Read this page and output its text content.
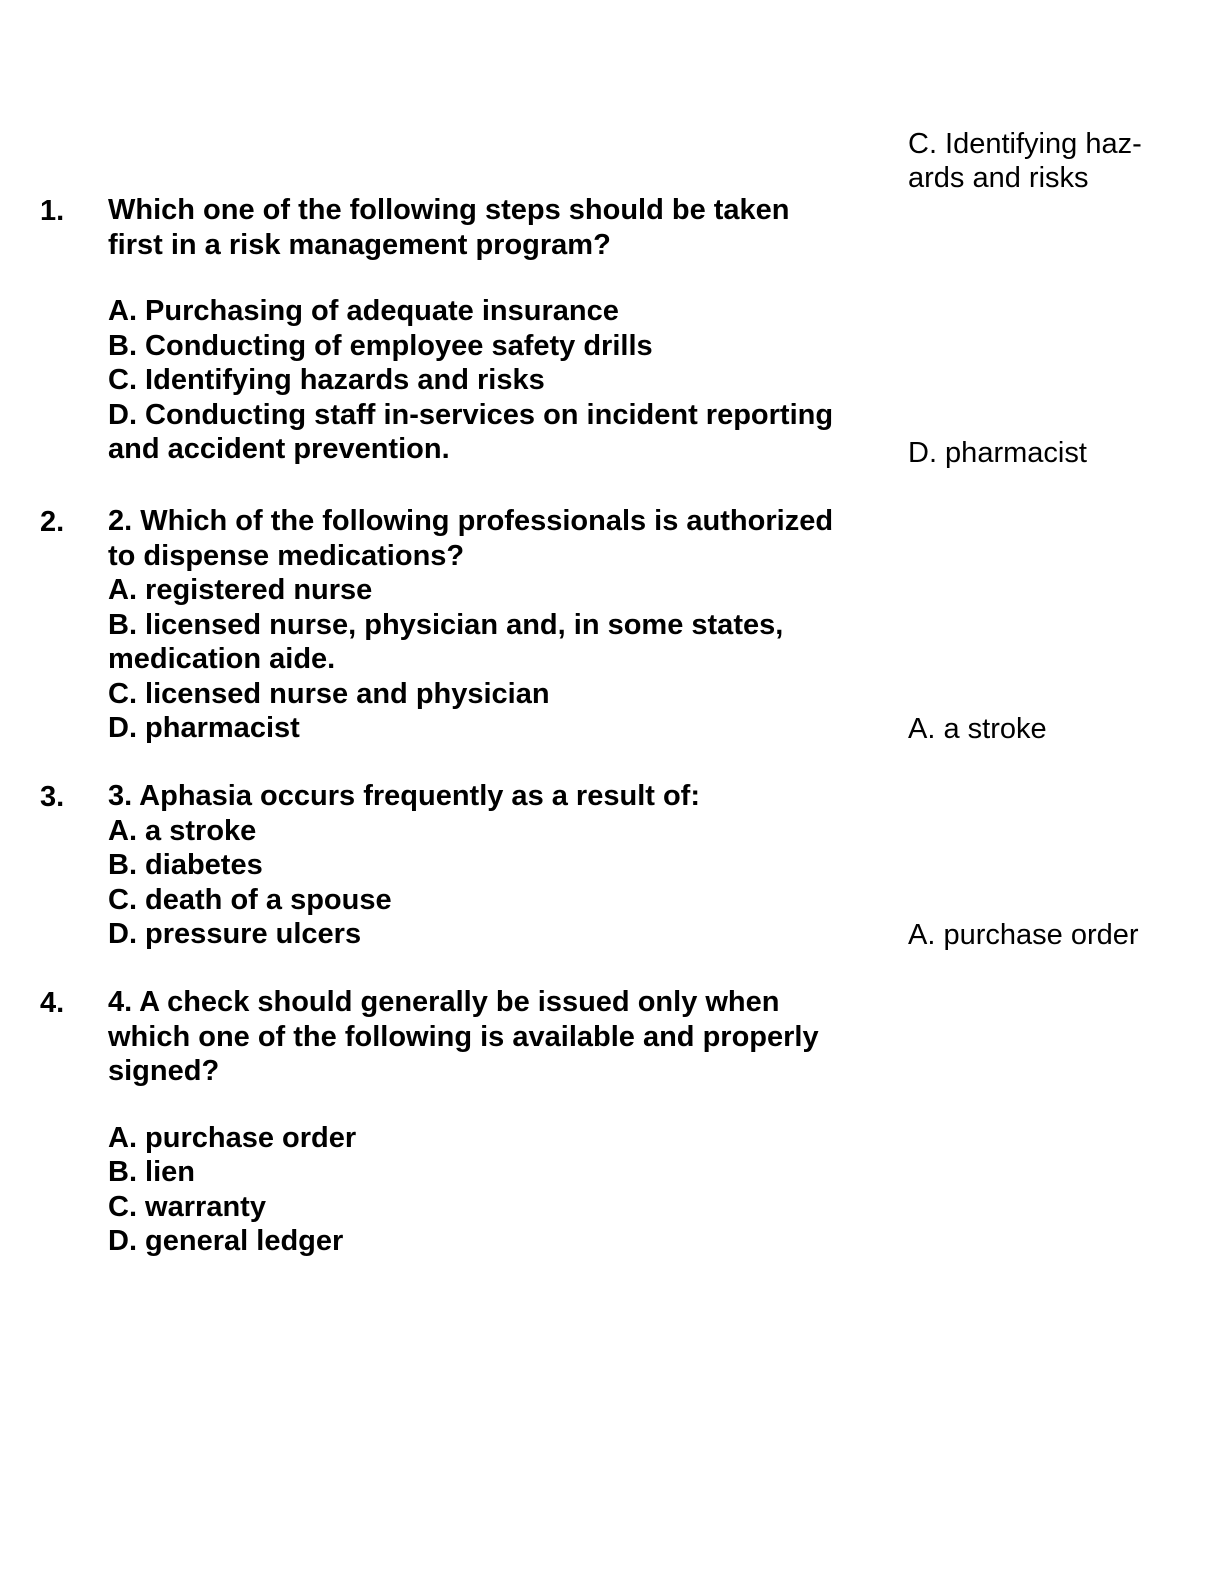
C. Identifying haz-
ards and risks
D. pharmacist
A. a stroke
A. purchase order
1. Which one of the following steps should be taken
first in a risk management program?
A. Purchasing of adequate insurance
B. Conducting of employee safety drills
C. Identifying hazards and risks
D. Conducting staff in-services on incident reporting
and accident prevention.
2. 2. Which of the following professionals is authorized
to dispense medications?
A. registered nurse
B. licensed nurse, physician and, in some states,
medication aide.
C. licensed nurse and physician
D. pharmacist
3. 3. Aphasia occurs frequently as a result of:
A. a stroke
B. diabetes
C. death of a spouse
D. pressure ulcers
4. 4. A check should generally be issued only when
which one of the following is available and properly
signed?
A. purchase order
B. lien
C. warranty
D. general ledger
